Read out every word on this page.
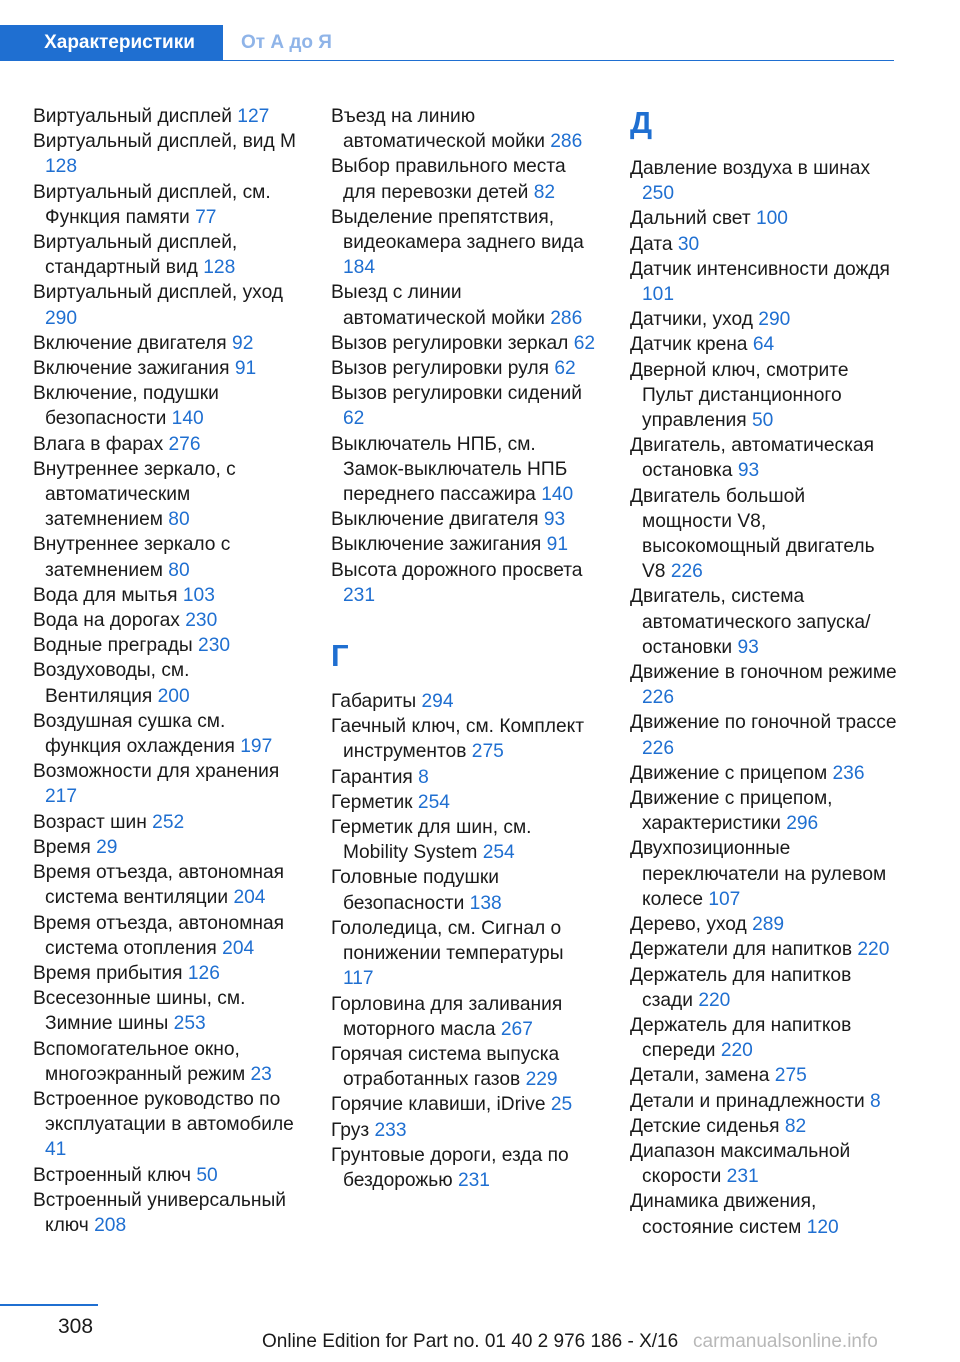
Характеристики	От А до Я

Виртуальный дисплей 127

Виртуальный дисплей, вид М 128

Виртуальный дисплей, см. Функция памяти 77

Виртуальный дисплей, стандартный вид 128

Виртуальный дисплей, уход 290

Включение двигателя 92

Включение зажигания 91

Включение, подушки безопасности 140

Влага в фарах 276

Внутреннее зеркало, с автоматическим затемнением 80

Внутреннее зеркало с затемнением 80

Вода для мытья 103

Вода на дорогах 230

Водные преграды 230

Воздуховоды, см. Вентиляция 200

Воздушная сушка см. функция охлаждения 197

Возможности для хранения 217

Возраст шин 252

Время 29

Время отъезда, автономная система вентиляции 204

Время отъезда, автономная система отопления 204

Время прибытия 126

Всесезонные шины, см. Зимние шины 253

Вспомогательное окно, многоэкранный режим 23

Встроенное руководство по эксплуатации в автомобиле 41

Встроенный ключ 50

Встроенный универсальный ключ 208

Въезд на линию автоматической мойки 286

Выбор правильного места для перевозки детей 82

Выделение препятствия, видеокамера заднего вида 184

Выезд с линии автоматической мойки 286

Вызов регулировки зеркал 62

Вызов регулировки руля 62

Вызов регулировки сидений 62

Выключатель НПБ, см. Замок-выключатель НПБ переднего пассажира 140

Выключение двигателя 93

Выключение зажигания 91

Высота дорожного просвета 231

Г

Габариты 294

Гаечный ключ, см. Комплект инструментов 275

Гарантия 8

Герметик 254

Герметик для шин, см. Mobility System 254

Головные подушки безопасности 138

Гололедица, см. Сигнал о понижении температуры 117

Горловина для заливания моторного масла 267

Горячая система выпуска отработанных газов 229

Горячие клавиши, iDrive 25

Груз 233

Грунтовые дороги, езда по бездорожью 231

Д

Давление воздуха в шинах 250

Дальний свет 100

Дата 30

Датчик интенсивности дождя 101

Датчики, уход 290

Датчик крена 64

Дверной ключ, смотрите Пульт дистанционного управления 50

Двигатель, автоматическая остановка 93

Двигатель большой мощности V8, высокомощный двигатель V8 226

Двигатель, система автоматического запуска/остановки 93

Движение в гоночном режиме 226

Движение по гоночной трассе 226

Движение с прицепом 236

Движение с прицепом, характеристики 296

Двухпозиционные переключатели на рулевом колесе 107

Дерево, уход 289

Держатели для напитков 220

Держатель для напитков сзади 220

Держатель для напитков спереди 220

Детали, замена 275

Детали и принадлежности 8

Детские сиденья 82

Диапазон максимальной скорости 231

Динамика движения, состояние систем 120

308
Online Edition for Part no. 01 40 2 976 186 - X/16 carmanualsonline.info
